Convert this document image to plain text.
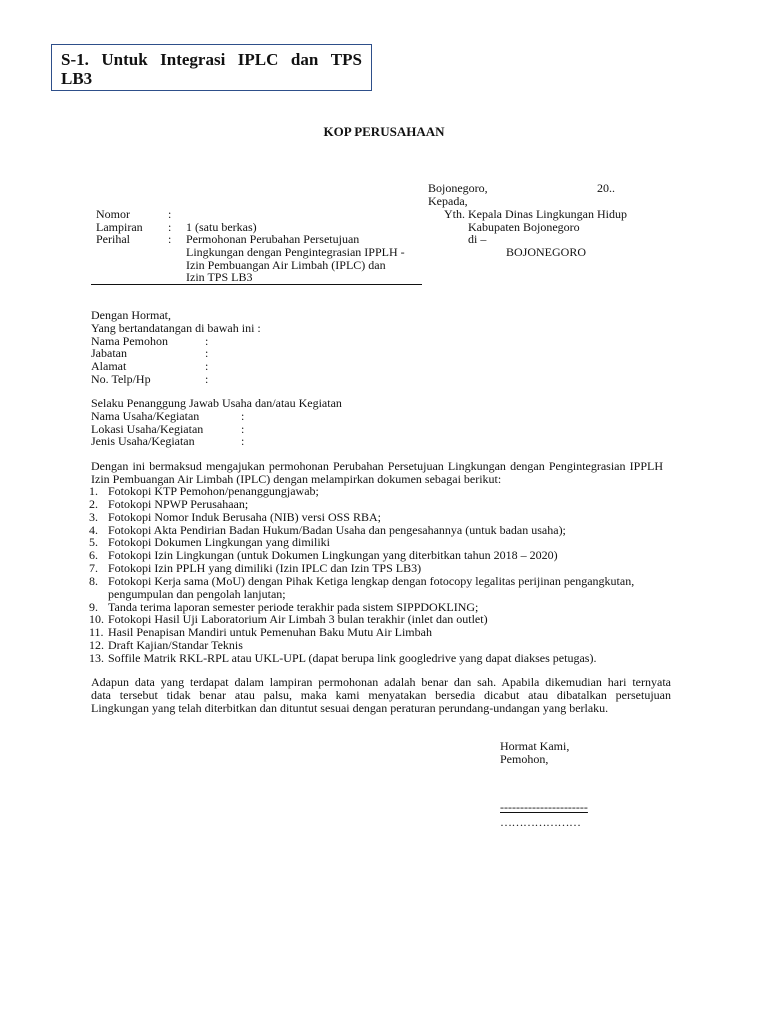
S-1. Untuk Integrasi IPLC dan TPS
LB3
KOP PERUSAHAAN
Bojonegoro,	20..
Kepada,
Yth. Kepala Dinas Lingkungan Hidup
Kabupaten Bojonegoro
di –
BOJONEGORO
Nomor	:
Lampiran : 1 (satu berkas)
Perihal	: Permohonan Perubahan Persetujuan
Lingkungan dengan Pengintegrasian IPPLH -
Izin Pembuangan Air Limbah (IPLC) dan
Izin TPS LB3
Dengan Hormat,
Yang bertandatangan di bawah ini :
Nama Pemohon	:
Jabatan	:
Alamat	:
No. Telp/Hp	:
Selaku Penanggung Jawab Usaha dan/atau Kegiatan
Nama Usaha/Kegiatan	:
Lokasi Usaha/Kegiatan	:
Jenis Usaha/Kegiatan	:
Dengan ini bermaksud mengajukan permohonan Perubahan Persetujuan Lingkungan dengan Pengintegrasian IPPLH
Izin Pembuangan Air Limbah (IPLC) dengan melampirkan dokumen sebagai berikut:
1. Fotokopi KTP Pemohon/penanggungjawab;
2. Fotokopi NPWP Perusahaan;
3. Fotokopi Nomor Induk Berusaha (NIB) versi OSS RBA;
4. Fotokopi Akta Pendirian Badan Hukum/Badan Usaha dan pengesahannya (untuk badan usaha);
5. Fotokopi Dokumen Lingkungan yang dimiliki
6. Fotokopi Izin Lingkungan (untuk Dokumen Lingkungan yang diterbitkan tahun 2018 – 2020)
7. Fotokopi Izin PPLH yang dimiliki (Izin IPLC dan Izin TPS LB3)
8. Fotokopi Kerja sama (MoU) dengan Pihak Ketiga lengkap dengan fotocopy legalitas perijinan pengangkutan,
pengumpulan dan pengolah lanjutan;
9. Tanda terima laporan semester periode terakhir pada sistem SIPPDOKLING;
10. Fotokopi Hasil Uji Laboratorium Air Limbah 3 bulan terakhir (inlet dan outlet)
11. Hasil Penapisan Mandiri untuk Pemenuhan Baku Mutu Air Limbah
12. Draft Kajian/Standar Teknis
13. Soffile Matrik RKL-RPL atau UKL-UPL (dapat berupa link googledrive yang dapat diakses petugas).
Adapun data yang terdapat dalam lampiran permohonan adalah benar dan sah. Apabila dikemudian hari ternyata
data tersebut tidak benar atau palsu, maka kami menyatakan bersedia dicabut atau dibatalkan persetujuan
Lingkungan yang telah diterbitkan dan dituntut sesuai dengan peraturan perundang-undangan yang berlaku.
Hormat Kami,
Pemohon,
----------------------
…………………
